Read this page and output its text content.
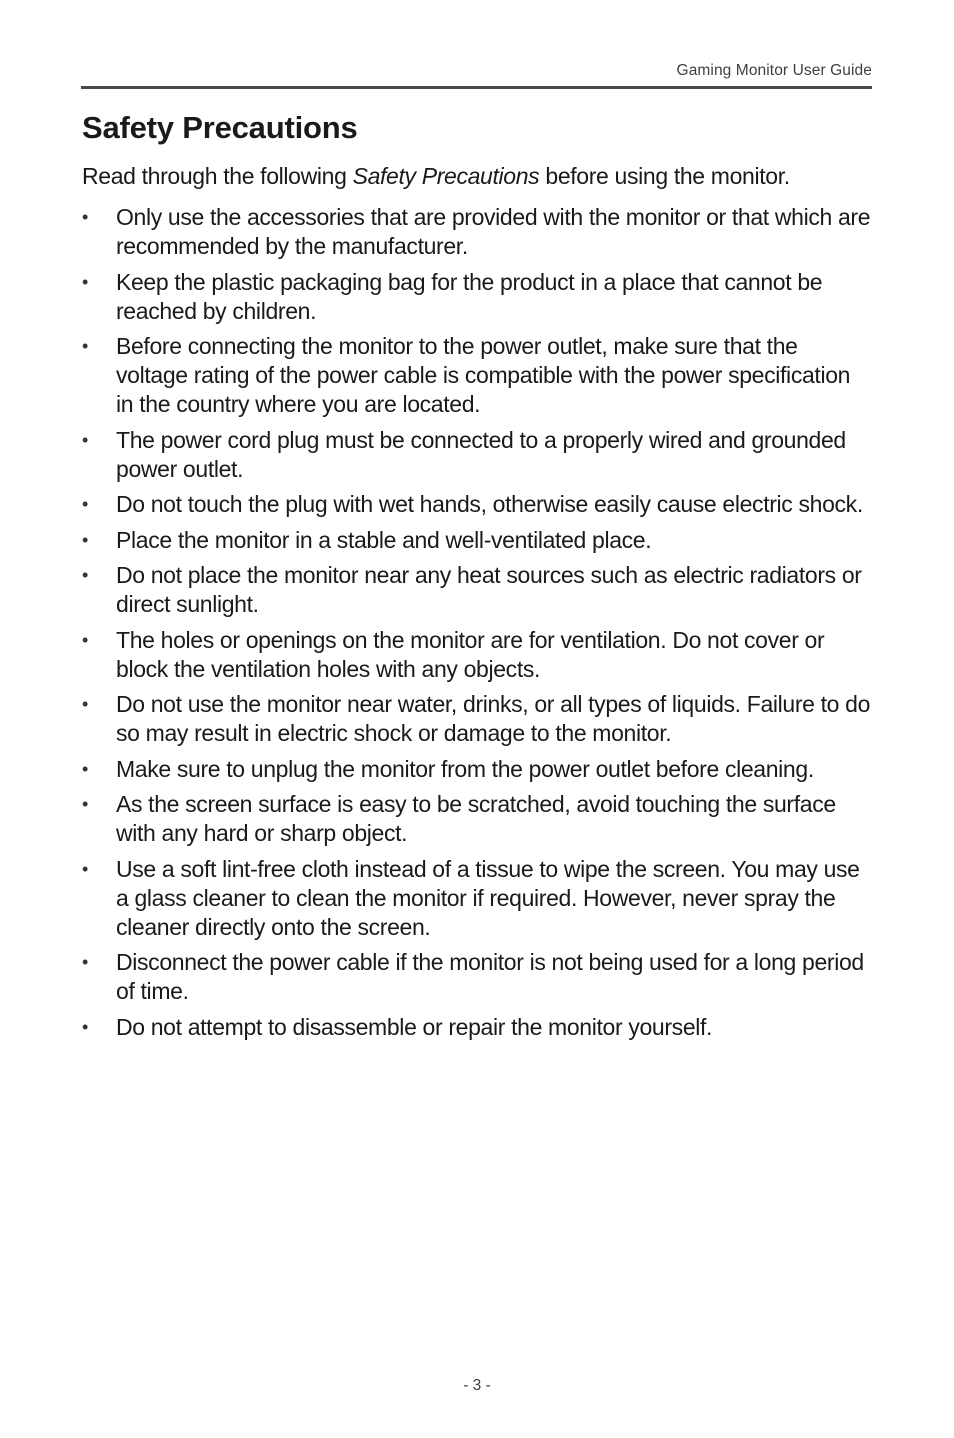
Gaming Monitor User Guide
Safety Precautions

Read through the following Safety Precautions before using the monitor.

• Only use the accessories that are provided with the monitor or that which are recommended by the manufacturer.
• Keep the plastic packaging bag for the product in a place that cannot be reached by children.
• Before connecting the monitor to the power outlet, make sure that the voltage rating of the power cable is compatible with the power specification in the country where you are located.
• The power cord plug must be connected to a properly wired and grounded power outlet.
• Do not touch the plug with wet hands, otherwise easily cause electric shock.
• Place the monitor in a stable and well-ventilated place.
• Do not place the monitor near any heat sources such as electric radiators or direct sunlight.
• The holes or openings on the monitor are for ventilation. Do not cover or block the ventilation holes with any objects.
• Do not use the monitor near water, drinks, or all types of liquids. Failure to do so may result in electric shock or damage to the monitor.
• Make sure to unplug the monitor from the power outlet before cleaning.
• As the screen surface is easy to be scratched, avoid touching the surface with any hard or sharp object.
• Use a soft lint-free cloth instead of a tissue to wipe the screen. You may use a glass cleaner to clean the monitor if required. However, never spray the cleaner directly onto the screen.
• Disconnect the power cable if the monitor is not being used for a long period of time.
• Do not attempt to disassemble or repair the monitor yourself.
- 3 -
